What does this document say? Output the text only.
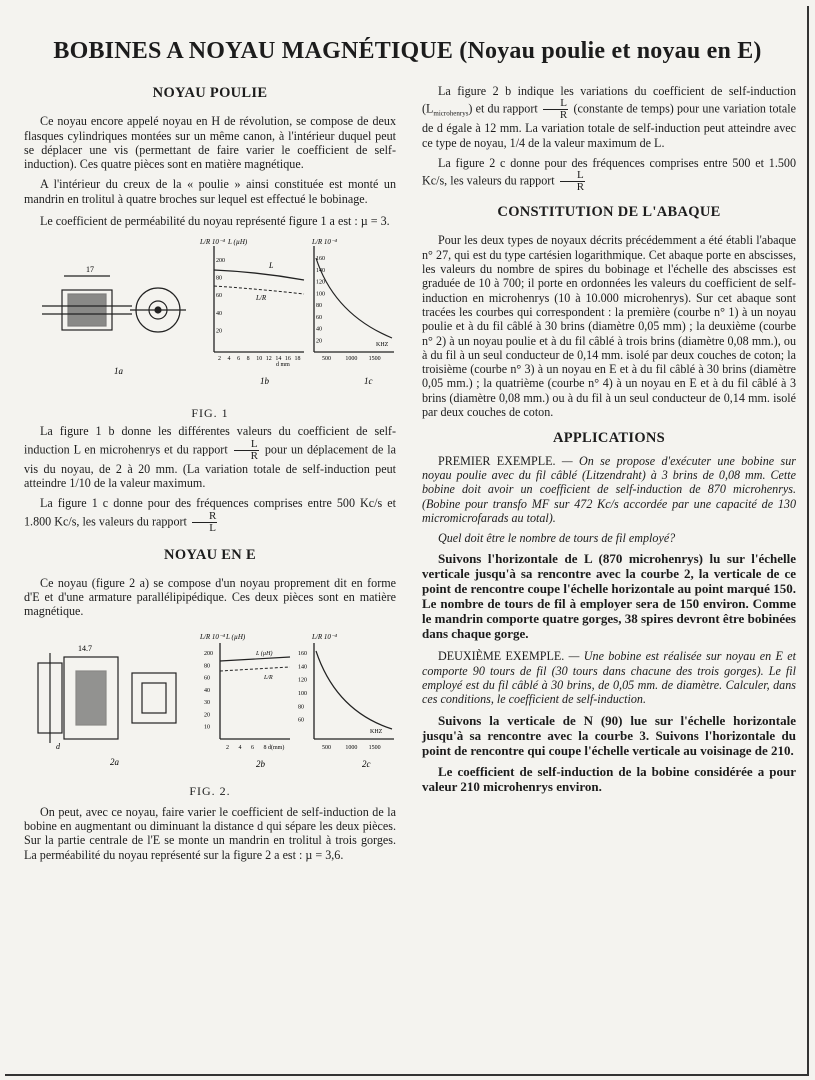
BOBINES A NOYAU MAGNÉTIQUE (Noyau poulie et noyau en E)
NOYAU POULIE

Ce noyau encore appelé noyau en H de révolution, se compose de deux flasques cylindriques montées sur un même canon, à l'intérieur duquel peut se déplacer une vis (permettant de faire varier le coefficient de self-induction). Ces quatre pièces sont en matière magnétique.

A l'intérieur du creux de la « poulie » ainsi constituée est monté un mandrin en trolitul à quatre broches sur lequel est effectué le bobinage.

Le coefficient de perméabilité du noyau représenté figure 1 a est : µ = 3.

17
1a
L/R 10⁻⁴ L (µH)
L
L/R
200
80
60
40
20
2 4 6 8 10 12 14 16 18
d mm
1b
L/R 10⁻⁴
160
140
120
100
80
60
40
20
500 1000 1500
KHZ
1c
FIG. 1

La figure 1 b donne les différentes valeurs du coefficient de self-induction L en microhenrys et du rapport $\frac{L}{R}$ pour un déplacement de la vis du noyau, de 2 à 20 mm. (La variation totale de self-induction peut atteindre 1/10 de la valeur maximum.

La figure 1 c donne pour des fréquences comprises entre 500 Kc/s et 1.800 Kc/s, les valeurs du rapport $\frac{R}{L}$

NOYAU EN E

Ce noyau (figure 2 a) se compose d'un noyau proprement dit en forme d'E et d'une armature parallélipipédique. Ces deux pièces sont en matière magnétique.

14.7
d
2a
L/R 10⁻⁴ L (µH)
L (µH)
L/R
200
80
60
40
30
20
10
2 4 6 8 d(mm)
2b
L/R 10⁻⁴
160
140
120
100
80
60
500 1000 1500
KHZ
2c
FIG. 2.

On peut, avec ce noyau, faire varier le coefficient de self-induction de la bobine en augmentant ou diminuant la distance d qui sépare les deux pièces. Sur la partie centrale de l'E se monte un mandrin en trolitul à trois gorges. La perméabilité du noyau représenté sur la figure 2 a est : µ = 3,6.

La figure 2 b indique les variations du coefficient de self-induction $(L_{microhenrys})$ et du rapport $\frac{L}{R}$ (constante de temps) pour une variation totale de d égale à 12 mm. La variation totale de self-induction peut atteindre avec ce type de noyau, 1/4 de la valeur maximum de L.

La figure 2 c donne pour des fréquences comprises entre 500 et 1.500 Kc/s, les valeurs du rapport $\frac{L}{R}$

CONSTITUTION DE L'ABAQUE

Pour les deux types de noyaux décrits précédemment a été établi l'abaque n° 27, qui est du type cartésien logarithmique. Cet abaque porte en abscisses, les valeurs du nombre de spires du bobinage et l'échelle des abscisses est graduée de 10 à 700; il porte en ordonnées les valeurs du coefficient de self-induction en microhenrys (10 à 10.000 microhenrys). Sur cet abaque sont tracées les courbes qui correspondent : la première (courbe n° 1) à un noyau poulie et à du fil câblé à 30 brins (diamètre 0,05 mm) ; la deuxième (courbe n° 2) à un noyau poulie et à du fil câblé à trois brins (diamètre 0,08 mm.), ou à du fil à un seul conducteur de 0,14 mm. isolé par deux couches de coton; la troisième (courbe n° 3) à un noyau en E et à du fil câblé à 30 brins (diamètre 0,05 mm.) ; la quatrième (courbe n° 4) à un noyau en E et à du fil câblé à 3 brins (diamètre 0,08 mm.) ou à du fil à un seul conducteur de 0,14 mm. isolé par deux couches de coton.

APPLICATIONS

PREMIER EXEMPLE. — On se propose d'exécuter une bobine sur noyau poulie avec du fil câblé (Litzendraht) à 3 brins de 0,08 mm. Cette bobine doit avoir un coefficient de self-induction de 870 microhenrys. (Bobine pour transfo MF sur 472 Kc/s accordée par une capacité de 130 micromicrofarads au total).

Quel doit être le nombre de tours de fil employé?

Suivons l'horizontale de L (870 microhenrys) lu sur l'échelle verticale jusqu'à sa rencontre avec la courbe 2, la verticale de ce point de rencontre coupe l'échelle horizontale au point marqué 150. Le nombre de tours de fil à employer sera de 150 environ. Comme le mandrin comporte quatre gorges, 38 spires devront être bobinées dans chaque gorge.

DEUXIÈME EXEMPLE. — Une bobine est réalisée sur noyau en E et comporte 90 tours de fil (30 tours dans chacune des trois gorges). Le fil employé est du fil câblé à 30 brins, de 0,05 mm. de diamètre. Calculer, dans ces conditions, le coefficient de self-induction.

Suivons la verticale de N (90) lue sur l'échelle horizontale jusqu'à sa rencontre avec la courbe 3. Suivons l'horizontale du point de rencontre qui coupe l'échelle verticale au voisinage de 210.

Le coefficient de self-induction de la bobine considérée a pour valeur 210 microhenrys environ.
